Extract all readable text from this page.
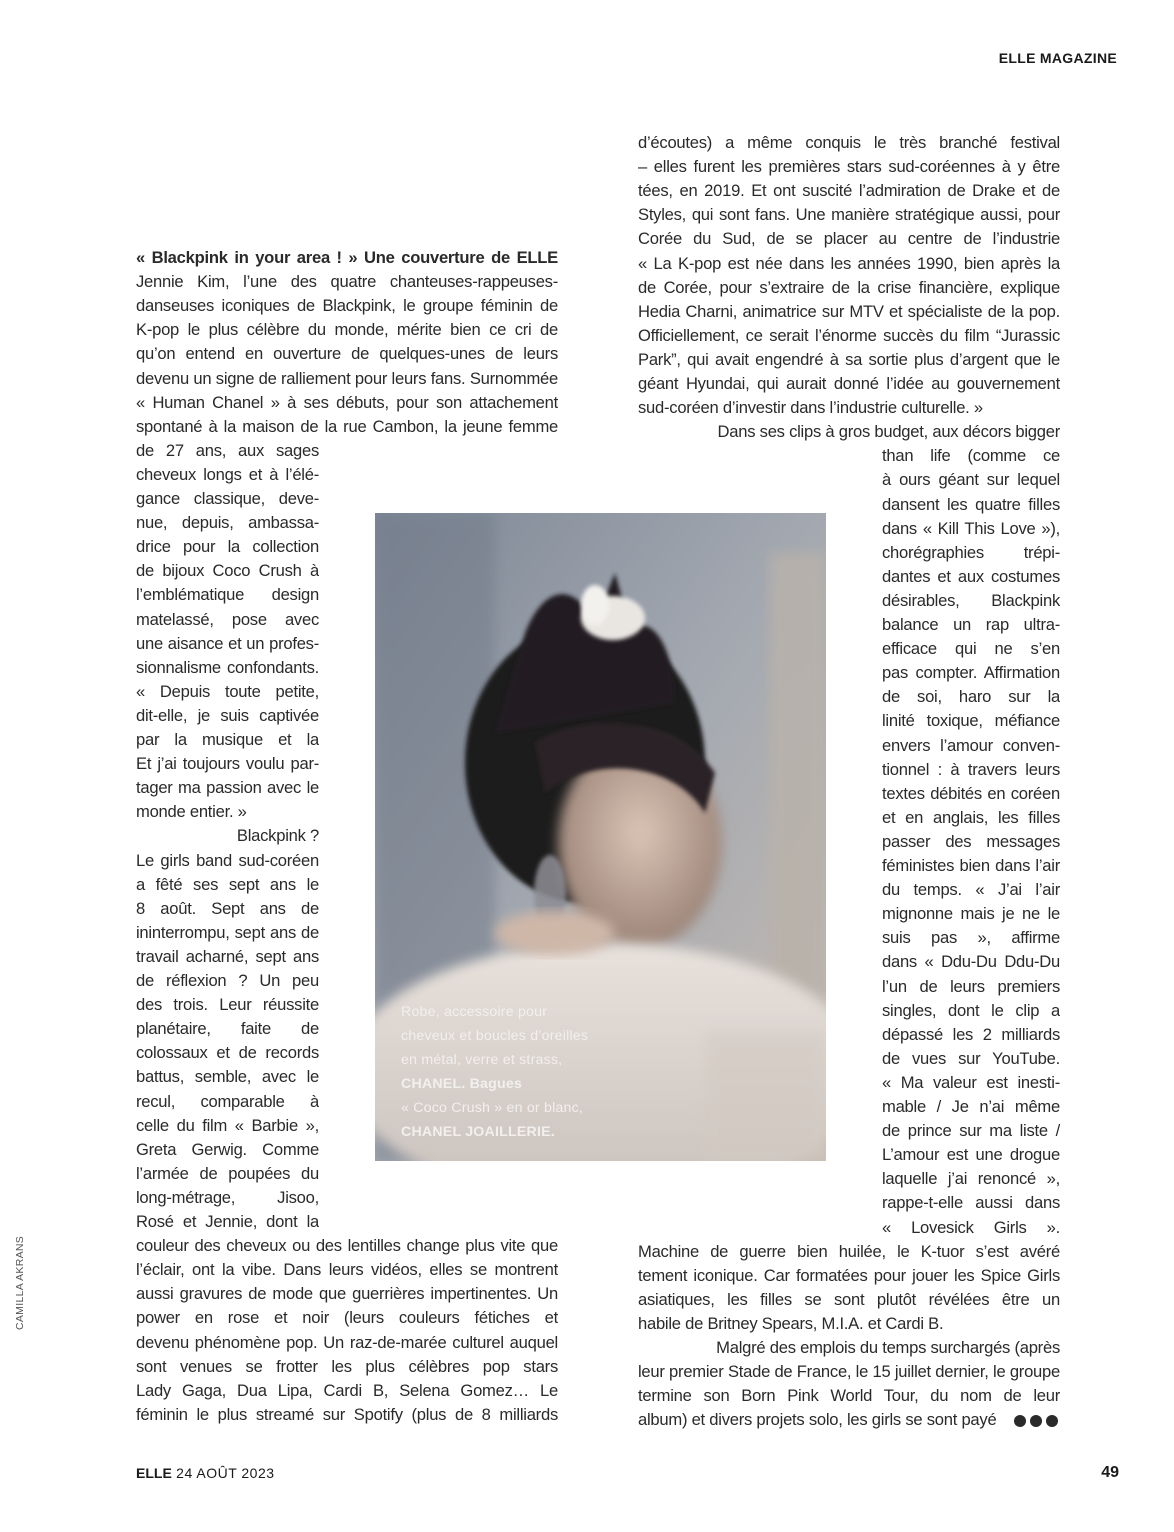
ELLE MAGAZINE
CAMILLA AKRANS
« Blackpink in your area ! » Une couverture de ELLE
Jennie Kim, l’une des quatre chanteuses-rappeuses-
danseuses iconiques de Blackpink, le groupe féminin de
K-pop le plus célèbre du monde, mérite bien ce cri de
qu’on entend en ouverture de quelques-unes de leurs
devenu un signe de ralliement pour leurs fans. Surnommée
« Human Chanel » à ses débuts, pour son attachement
spontané à la maison de la rue Cambon, la jeune femme
de 27 ans, aux sages
cheveux longs et à l’élé-
gance classique, deve-
nue, depuis, ambassa-
drice pour la collection
de bijoux Coco Crush à
l’emblématique design
matelassé, pose avec
une aisance et un profes-
sionnalisme confondants.
« Depuis toute petite,
dit-elle, je suis captivée
par la musique et la
Et j’ai toujours voulu par-
tager ma passion avec le
monde entier. »
Blackpink ?
Le girls band sud-coréen
a fêté ses sept ans le
8 août. Sept ans de
ininterrompu, sept ans de
travail acharné, sept ans
de réflexion ? Un peu
des trois. Leur réussite
planétaire, faite de
colossaux et de records
battus, semble, avec le
recul, comparable à
celle du film « Barbie »,
Greta Gerwig. Comme
l’armée de poupées du
long-métrage, Jisoo,
Rosé et Jennie, dont la
couleur des cheveux ou des lentilles change plus vite que
l’éclair, ont la vibe. Dans leurs vidéos, elles se montrent
aussi gravures de mode que guerrières impertinentes. Un
power en rose et noir (leurs couleurs fétiches et
devenu phénomène pop. Un raz-de-marée culturel auquel
sont venues se frotter les plus célèbres pop stars
Lady Gaga, Dua Lipa, Cardi B, Selena Gomez… Le
féminin le plus streamé sur Spotify (plus de 8 milliards
d’écoutes) a même conquis le très branché festival
– elles furent les premières stars sud-coréennes à y être
tées, en 2019. Et ont suscité l’admiration de Drake et de
Styles, qui sont fans. Une manière stratégique aussi, pour
Corée du Sud, de se placer au centre de l’industrie
« La K-pop est née dans les années 1990, bien après la
de Corée, pour s’extraire de la crise financière, explique
Hedia Charni, animatrice sur MTV et spécialiste de la pop.
Officiellement, ce serait l’énorme succès du film “Jurassic
Park”, qui avait engendré à sa sortie plus d’argent que le
géant Hyundai, qui aurait donné l’idée au gouvernement
sud-coréen d’investir dans l’industrie culturelle. »
Dans ses clips à gros budget, aux décors bigger
than life (comme ce
à ours géant sur lequel
dansent les quatre filles
dans « Kill This Love »),
chorégraphies trépi-
dantes et aux costumes
désirables, Blackpink
balance un rap ultra-
efficace qui ne s’en
pas compter. Affirmation
de soi, haro sur la
linité toxique, méfiance
envers l’amour conven-
tionnel : à travers leurs
textes débités en coréen
et en anglais, les filles
passer des messages
féministes bien dans l’air
du temps. « J’ai l’air
mignonne mais je ne le
suis pas », affirme
dans « Ddu-Du Ddu-Du
l’un de leurs premiers
singles, dont le clip a
dépassé les 2 milliards
de vues sur YouTube.
« Ma valeur est inesti-
mable / Je n’ai même
de prince sur ma liste /
L’amour est une drogue
laquelle j’ai renoncé »,
rappe-t-elle aussi dans
« Lovesick Girls ».
Machine de guerre bien huilée, le K-tuor s’est avéré
tement iconique. Car formatées pour jouer les Spice Girls
asiatiques, les filles se sont plutôt révélées être un
habile de Britney Spears, M.I.A. et Cardi B.
Malgré des emplois du temps surchargés (après
leur premier Stade de France, le 15 juillet dernier, le groupe
termine son Born Pink World Tour, du nom de leur
album) et divers projets solo, les girls se sont payé
Robe, accessoire pour
cheveux et boucles d’oreilles
en métal, verre et strass,
CHANEL. Bagues
« Coco Crush » en or blanc,
CHANEL JOAILLERIE.
ELLE 24 AOÛT 2023	49
